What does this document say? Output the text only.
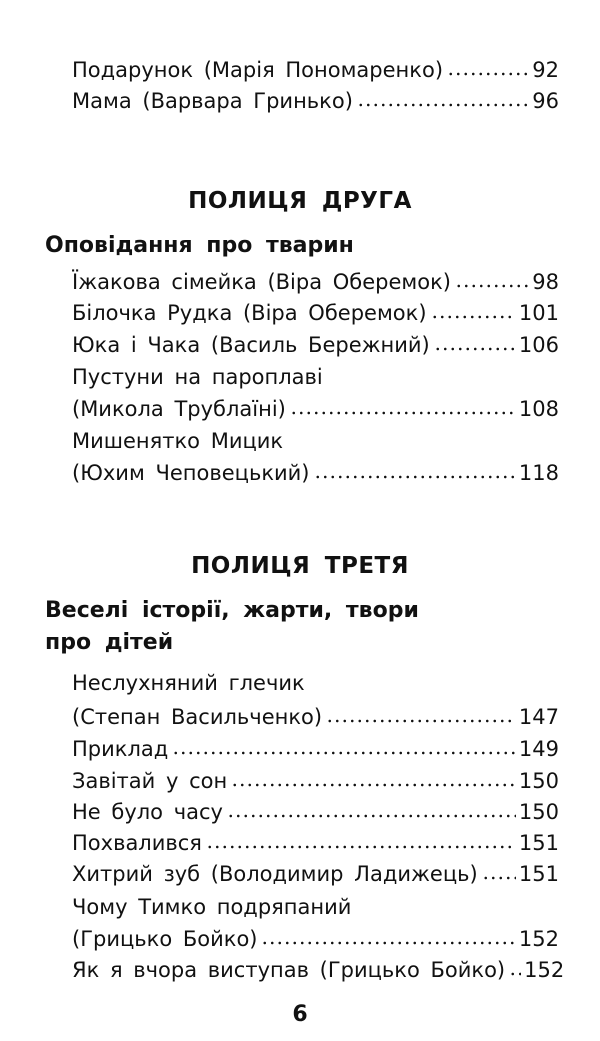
Подарунок (Марія Пономаренко)	92
Мама (Варвара Гринько)	96
ПОЛИЦЯ ДРУГА
Оповідання про тварин
Їжакова сімейка (Віра Оберемок)	98
Білочка Рудка (Віра Оберемок)	101
Юка і Чака (Василь Бережний)	106
Пустуни на пароплаві
(Микола Трублаїні)	108
Мишенятко Мицик
(Юхим Чеповецький)	118
ПОЛИЦЯ ТРЕТЯ
Веселі історії, жарти, твори
про дітей
Неслухняний глечик
(Степан Васильченко)	147
Приклад	149
Завітай у сон	150
Не було часу	150
Похвалився	151
Хитрий зуб (Володимир Ладижець) 151
Чому Тимко подряпаний
(Грицько Бойко)	152
Як я вчора виступав (Грицько Бойко) 152
6
